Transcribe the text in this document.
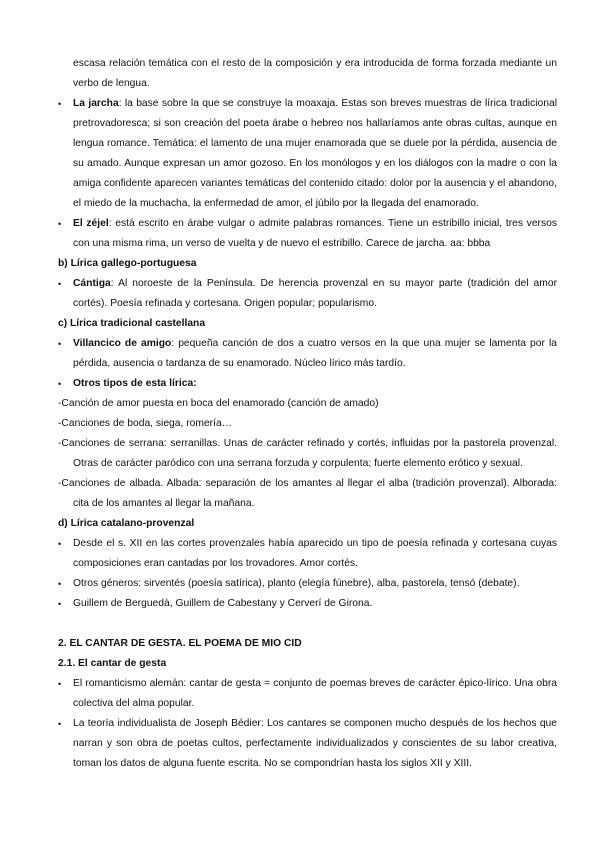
escasa relación temática con el resto de la composición y era introducida de forma forzada mediante un verbo de lengua.

•	La jarcha: la base sobre la que se construye la moaxaja. Estas son breves muestras de lírica tradicional pretrovadoresca; si son creación del poeta árabe o hebreo nos hallaríamos ante obras cultas, aunque en lengua romance. Temática: el lamento de una mujer enamorada que se duele por la pérdida, ausencia de su amado. Aunque expresan un amor gozoso. En los monólogos y en los diálogos con la madre o con la amiga confidente aparecen variantes temáticas del contenido citado: dolor por la ausencia y el abandono, el miedo de la muchacha, la enfermedad de amor, el júbilo por la llegada del enamorado.

•	El zéjel: está escrito en árabe vulgar o admite palabras romances. Tiene un estribillo inicial, tres versos con una misma rima, un verso de vuelta y de nuevo el estribillo. Carece de jarcha. aa: bbba

b) Lírica gallego-portuguesa

•	Cántiga: Al noroeste de la Península. De herencia provenzal en su mayor parte (tradición del amor cortés). Poesía refinada y cortesana. Origen popular; popularismo.

c) Lírica tradicional castellana

•	Villancico de amigo: pequeña canción de dos a cuatro versos en la que una mujer se lamenta por la pérdida, ausencia o tardanza de su enamorado. Núcleo lírico más tardío.

•	Otros tipos de esta lírica:

-Canción de amor puesta en boca del enamorado (canción de amado)

-Canciones de boda, siega, romería…

-Canciones de serrana: serranillas. Unas de carácter refinado y cortés, influidas por la pastorela provenzal. Otras de carácter paródico con una serrana forzuda y corpulenta; fuerte elemento erótico y sexual.

-Canciones de albada. Albada: separación de los amantes al llegar el alba (tradición provenzal). Alborada: cita de los amantes al llegar la mañana.

d) Lírica catalano-provenzal

•	Desde el s. XII en las cortes provenzales había aparecido un tipo de poesía refinada y cortesana cuyas composiciones eran cantadas por los trovadores. Amor cortés.

•	Otros géneros: sirventés (poesía satírica), planto (elegía fúnebre), alba, pastorela, tensó (debate).

•	Guillem de Berguedà, Guillem de Cabestany y Cerverí de Girona.

2. EL CANTAR DE GESTA. EL POEMA DE MIO CID

2.1. El cantar de gesta

•	El romanticismo alemán: cantar de gesta = conjunto de poemas breves de carácter épico-lírico. Una obra colectiva del alma popular.

•	La teoría individualista de Joseph Bédier: Los cantares se componen mucho después de los hechos que narran y son obra de poetas cultos, perfectamente individualizados y conscientes de su labor creativa, toman los datos de alguna fuente escrita. No se compondrían hasta los siglos XII y XIII.
